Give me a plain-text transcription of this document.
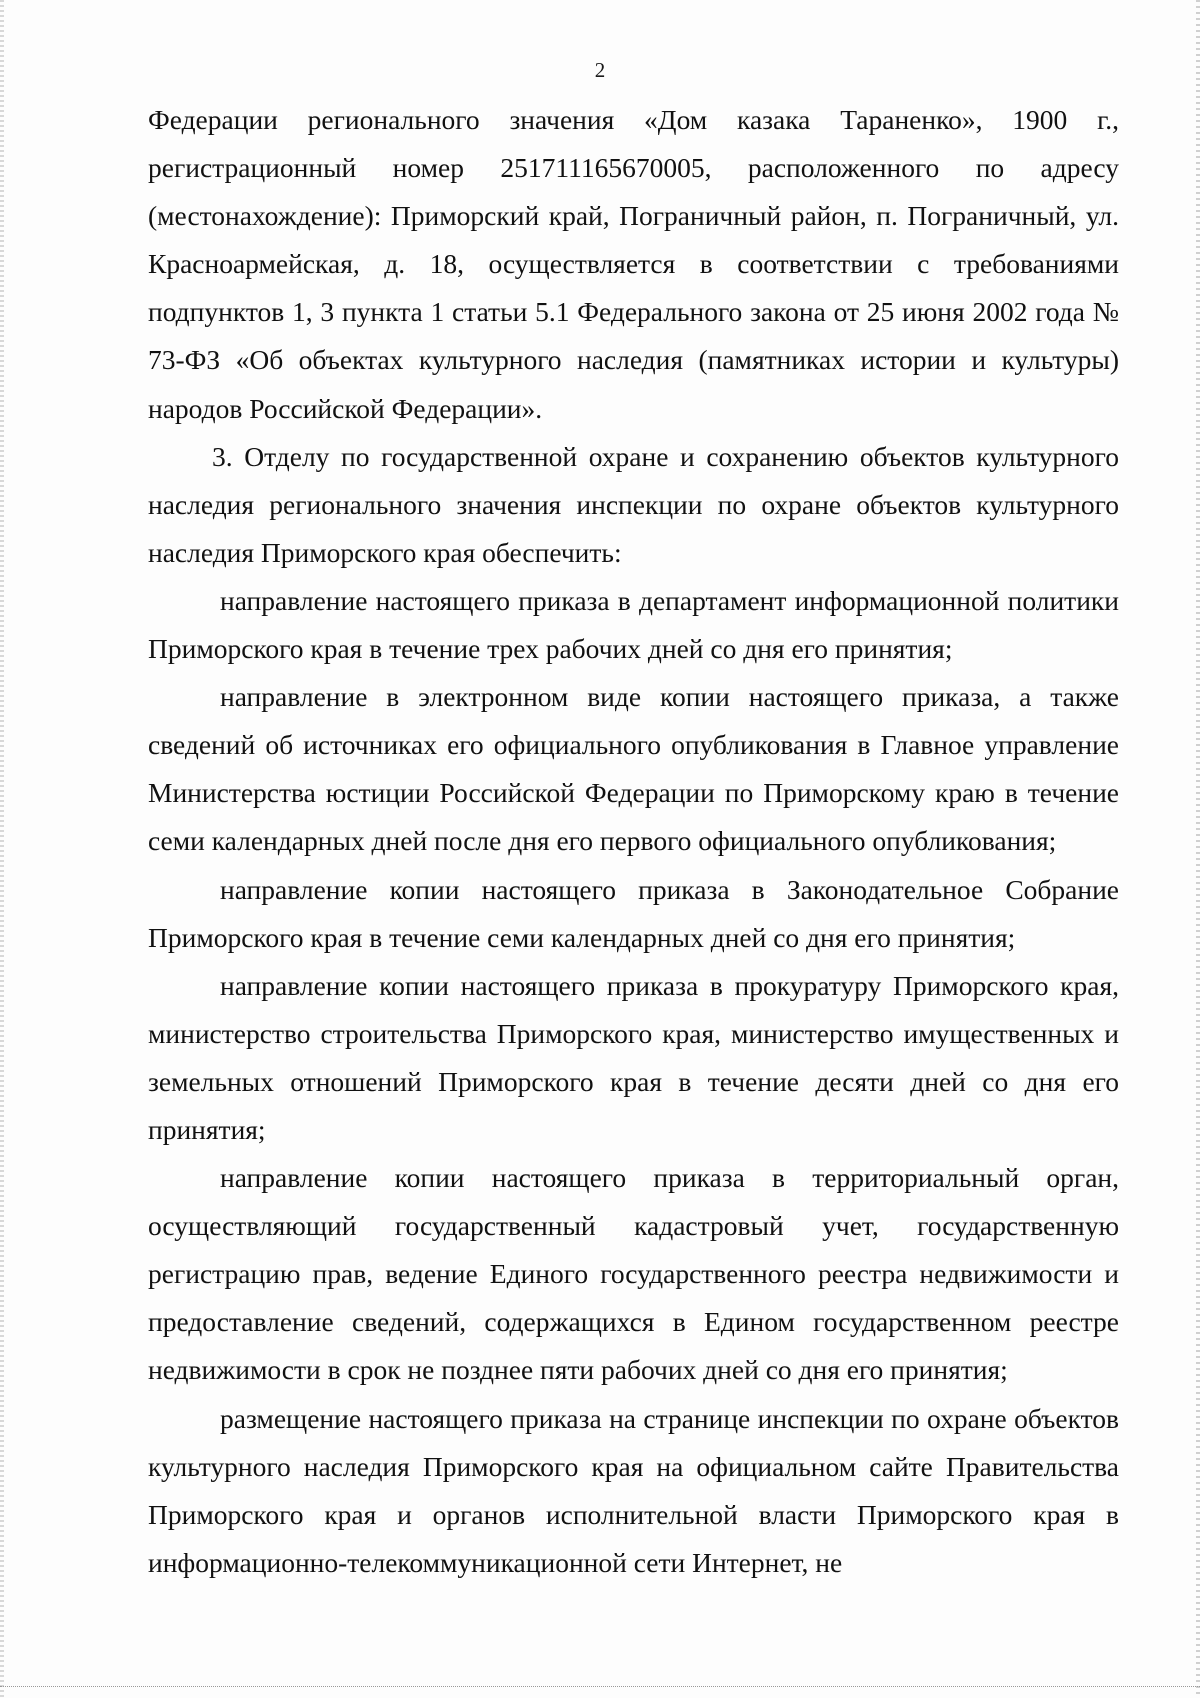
2

Федерации регионального значения «Дом казака Тараненко», 1900 г., регистрационный номер 251711165670005, расположенного по адресу (местонахождение): Приморский край, Пограничный район, п. Пограничный, ул. Красноармейская, д. 18, осуществляется в соответствии с требованиями подпунктов 1, 3 пункта 1 статьи 5.1 Федерального закона от 25 июня 2002 года № 73-ФЗ «Об объектах культурного наследия (памятниках истории и культуры) народов Российской Федерации».

3. Отделу по государственной охране и сохранению объектов культурного наследия регионального значения инспекции по охране объектов культурного наследия Приморского края обеспечить:

направление настоящего приказа в департамент информационной политики Приморского края в течение трех рабочих дней со дня его принятия;

направление в электронном виде копии настоящего приказа, а также сведений об источниках его официального опубликования в Главное управление Министерства юстиции Российской Федерации по Приморскому краю в течение семи календарных дней после дня его первого официального опубликования;

направление копии настоящего приказа в Законодательное Собрание Приморского края в течение семи календарных дней со дня его принятия;

направление копии настоящего приказа в прокуратуру Приморского края, министерство строительства Приморского края, министерство имущественных и земельных отношений Приморского края в течение десяти дней со дня его принятия;

направление копии настоящего приказа в территориальный орган, осуществляющий государственный кадастровый учет, государственную регистрацию прав, ведение Единого государственного реестра недвижимости и предоставление сведений, содержащихся в Едином государственном реестре недвижимости в срок не позднее пяти рабочих дней со дня его принятия;

размещение настоящего приказа на странице инспекции по охране объектов культурного наследия Приморского края на официальном сайте Правительства Приморского края и органов исполнительной власти Приморского края в информационно-телекоммуникационной сети Интернет, не
